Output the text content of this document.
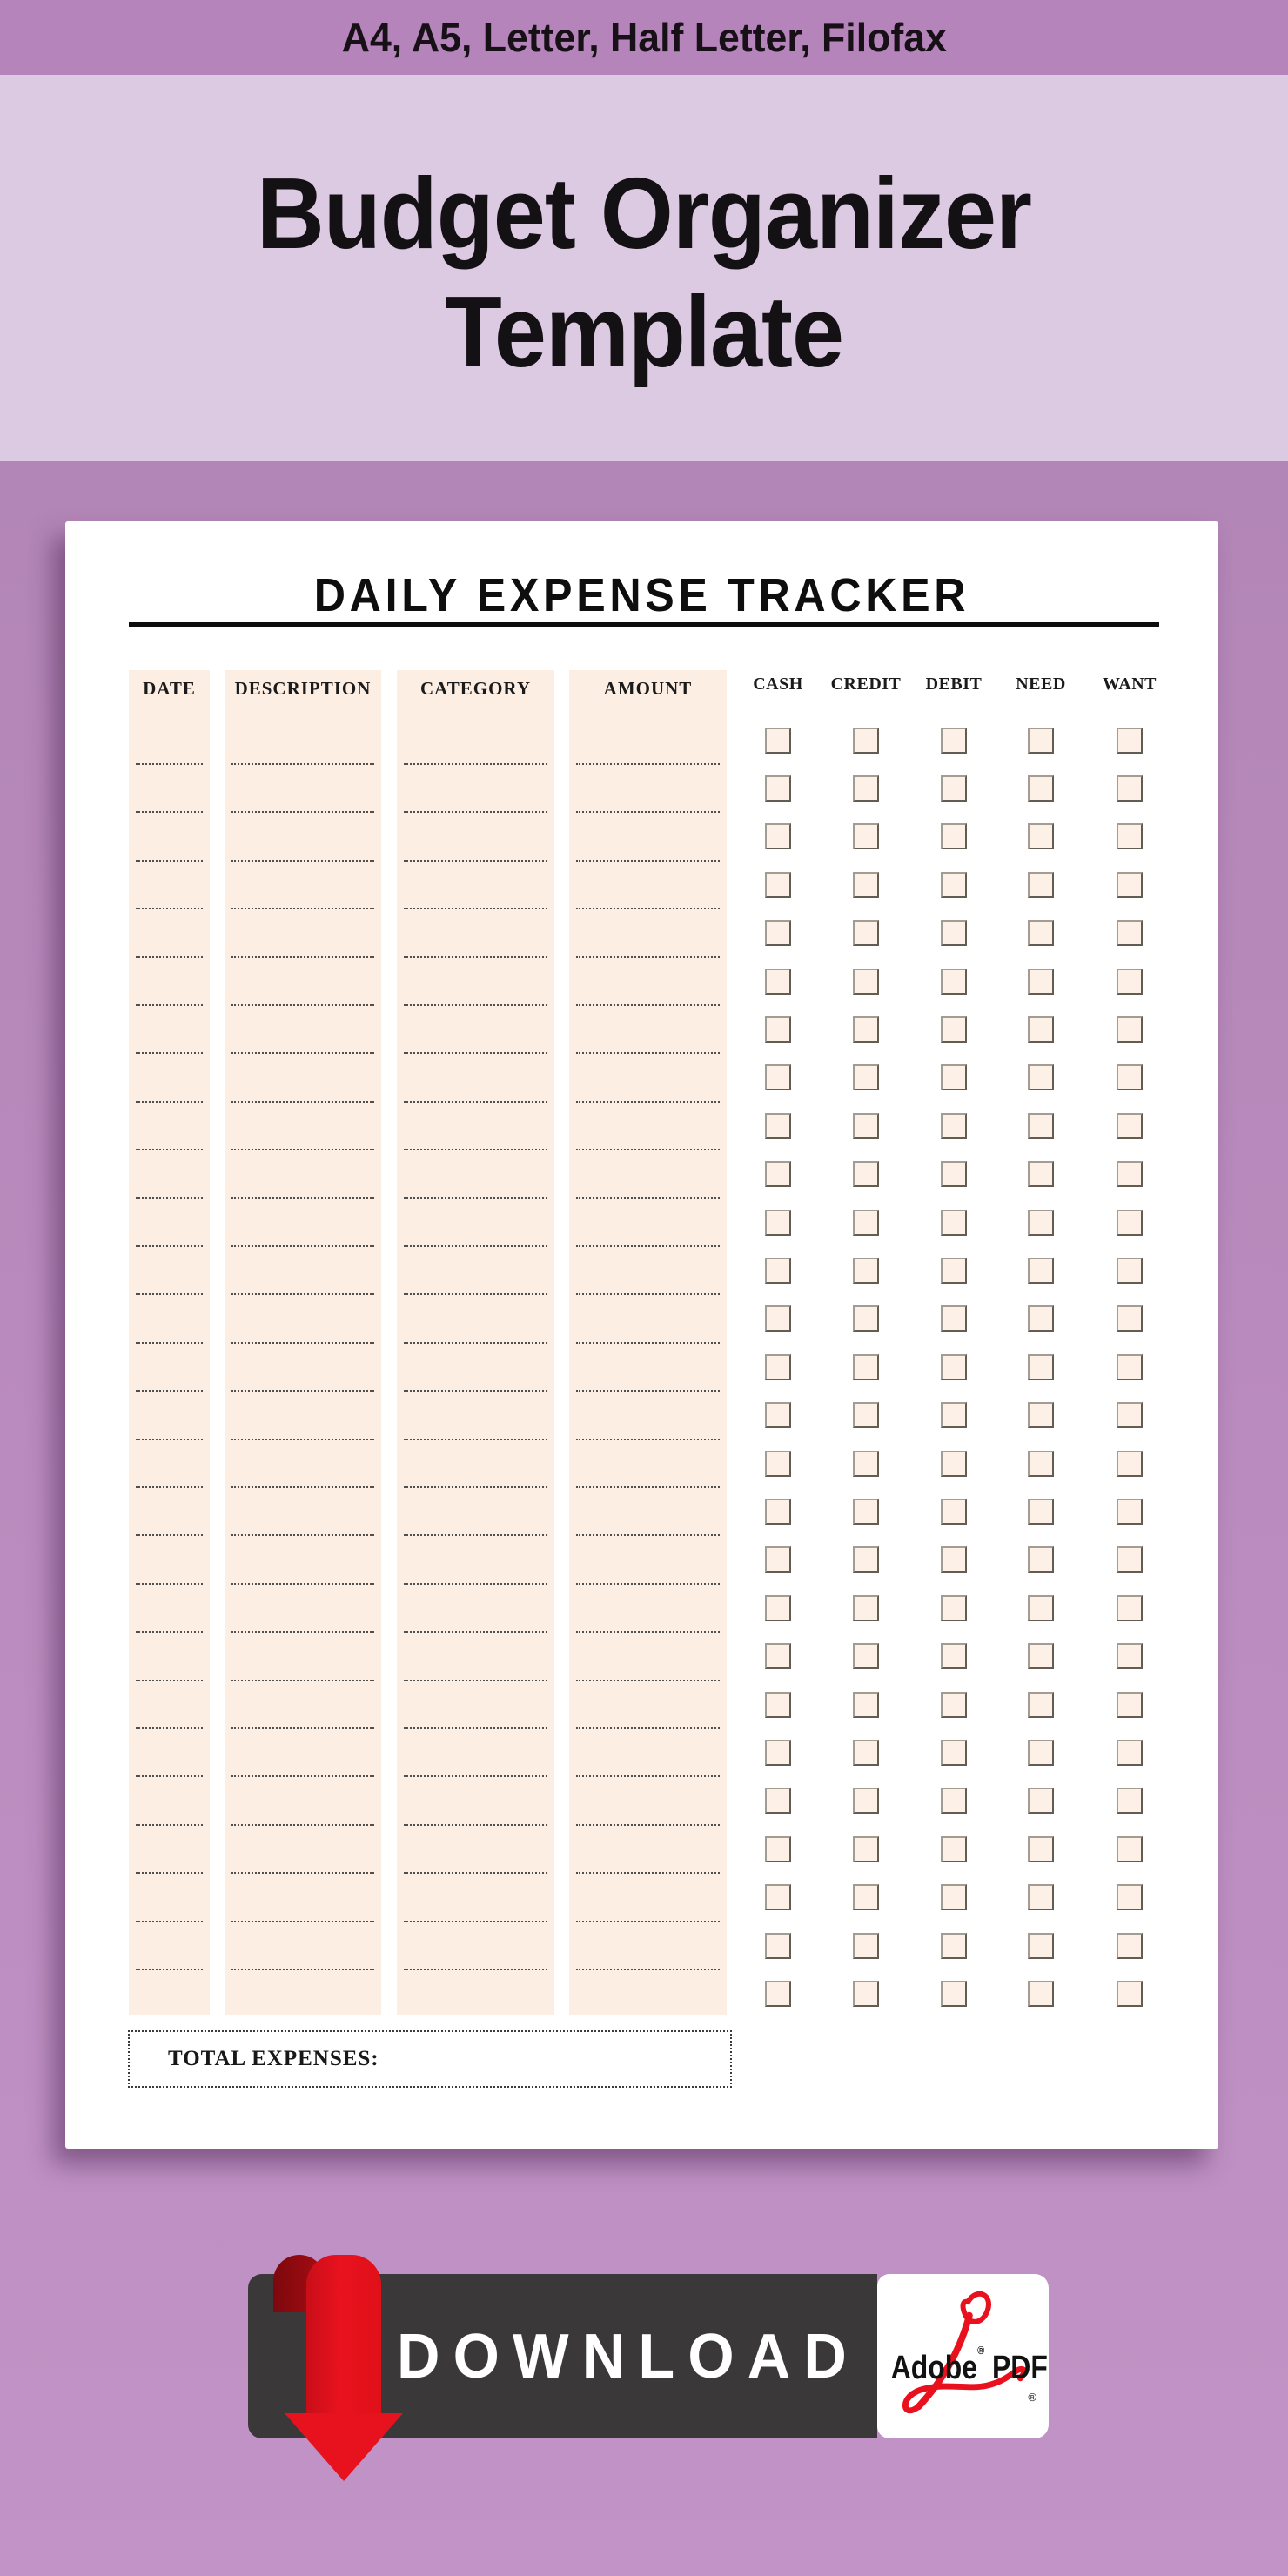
A4, A5, Letter, Half Letter, Filofax
Budget Organizer
Template
DAILY EXPENSE TRACKER
DATE	DESCRIPTION	CATEGORY	AMOUNT	CASH	CREDIT	DEBIT	NEED	WANT
TOTAL EXPENSES:
DOWNLOAD Adobe® PDF
®
